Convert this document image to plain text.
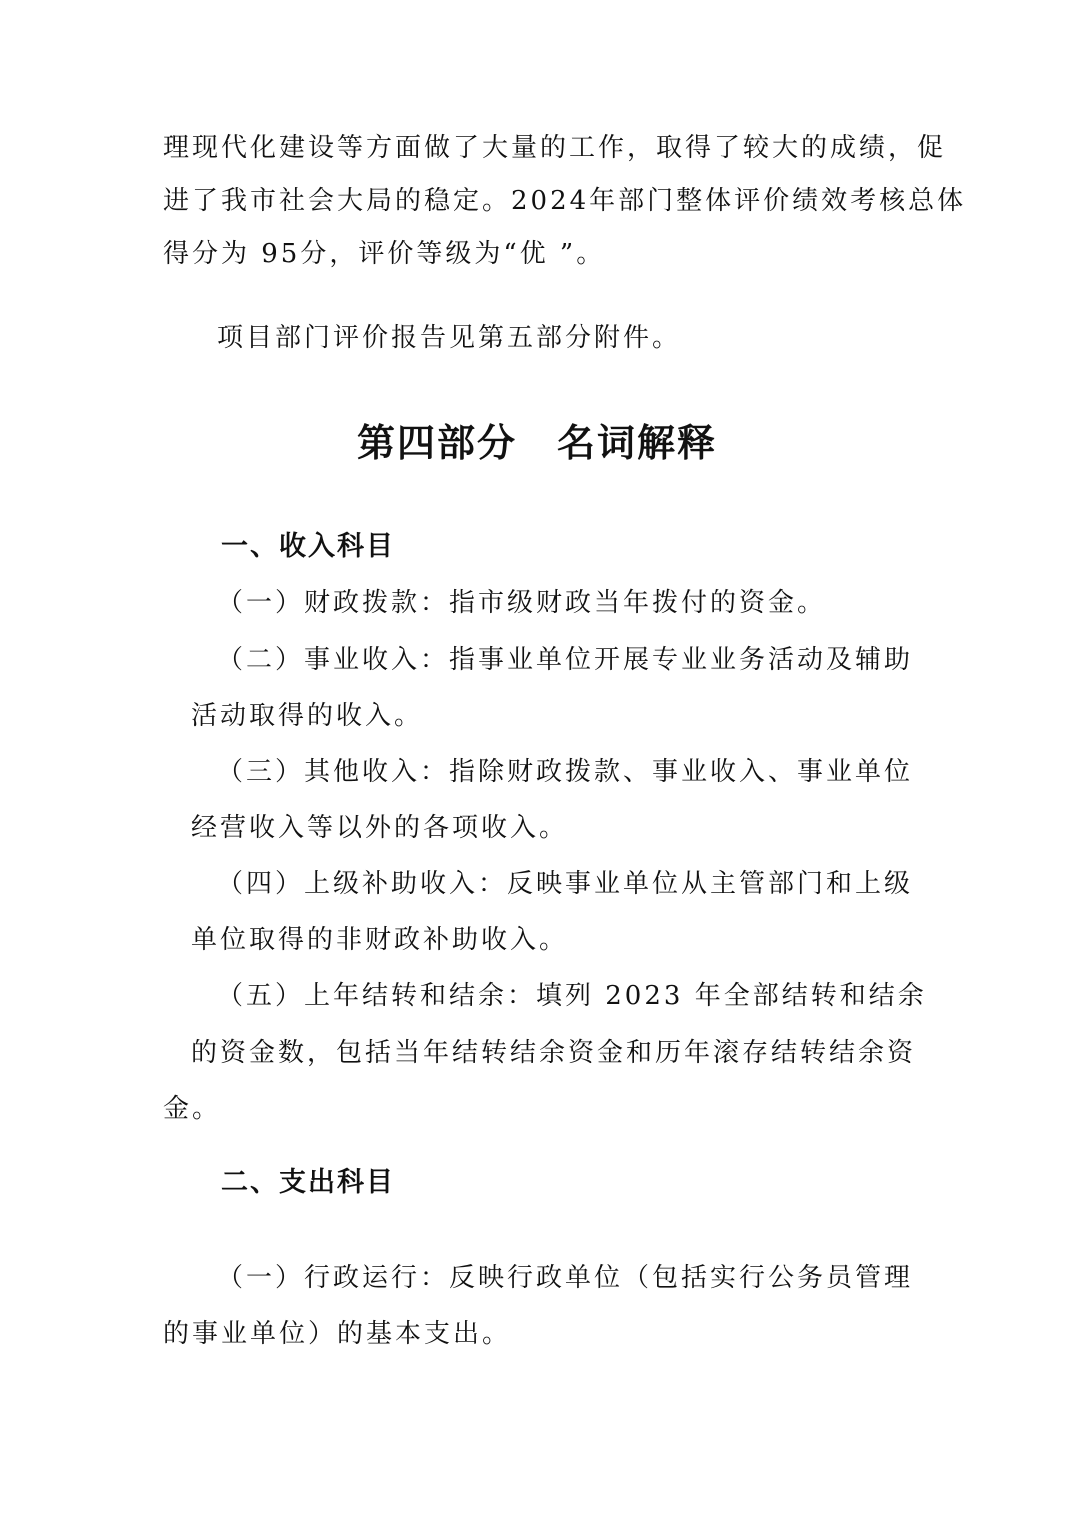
理现代化建设等方面做了大量的工作，取得了较大的成绩，促
进了我市社会大局的稳定。2024年部门整体评价绩效考核总体
得分为 95分，评价等级为“优 ”。
项目部门评价报告见第五部分附件。
第四部分　名词解释
一、收入科目
（一）财政拨款：指市级财政当年拨付的资金。
（二）事业收入：指事业单位开展专业业务活动及辅助
活动取得的收入。
（三）其他收入：指除财政拨款、事业收入、事业单位
经营收入等以外的各项收入。
（四）上级补助收入：反映事业单位从主管部门和上级
单位取得的非财政补助收入。
（五）上年结转和结余：填列 2023 年全部结转和结余
的资金数，包括当年结转结余资金和历年滚存结转结余资
金。
二、支出科目
（一）行政运行：反映行政单位（包括实行公务员管理
的事业单位）的基本支出。
